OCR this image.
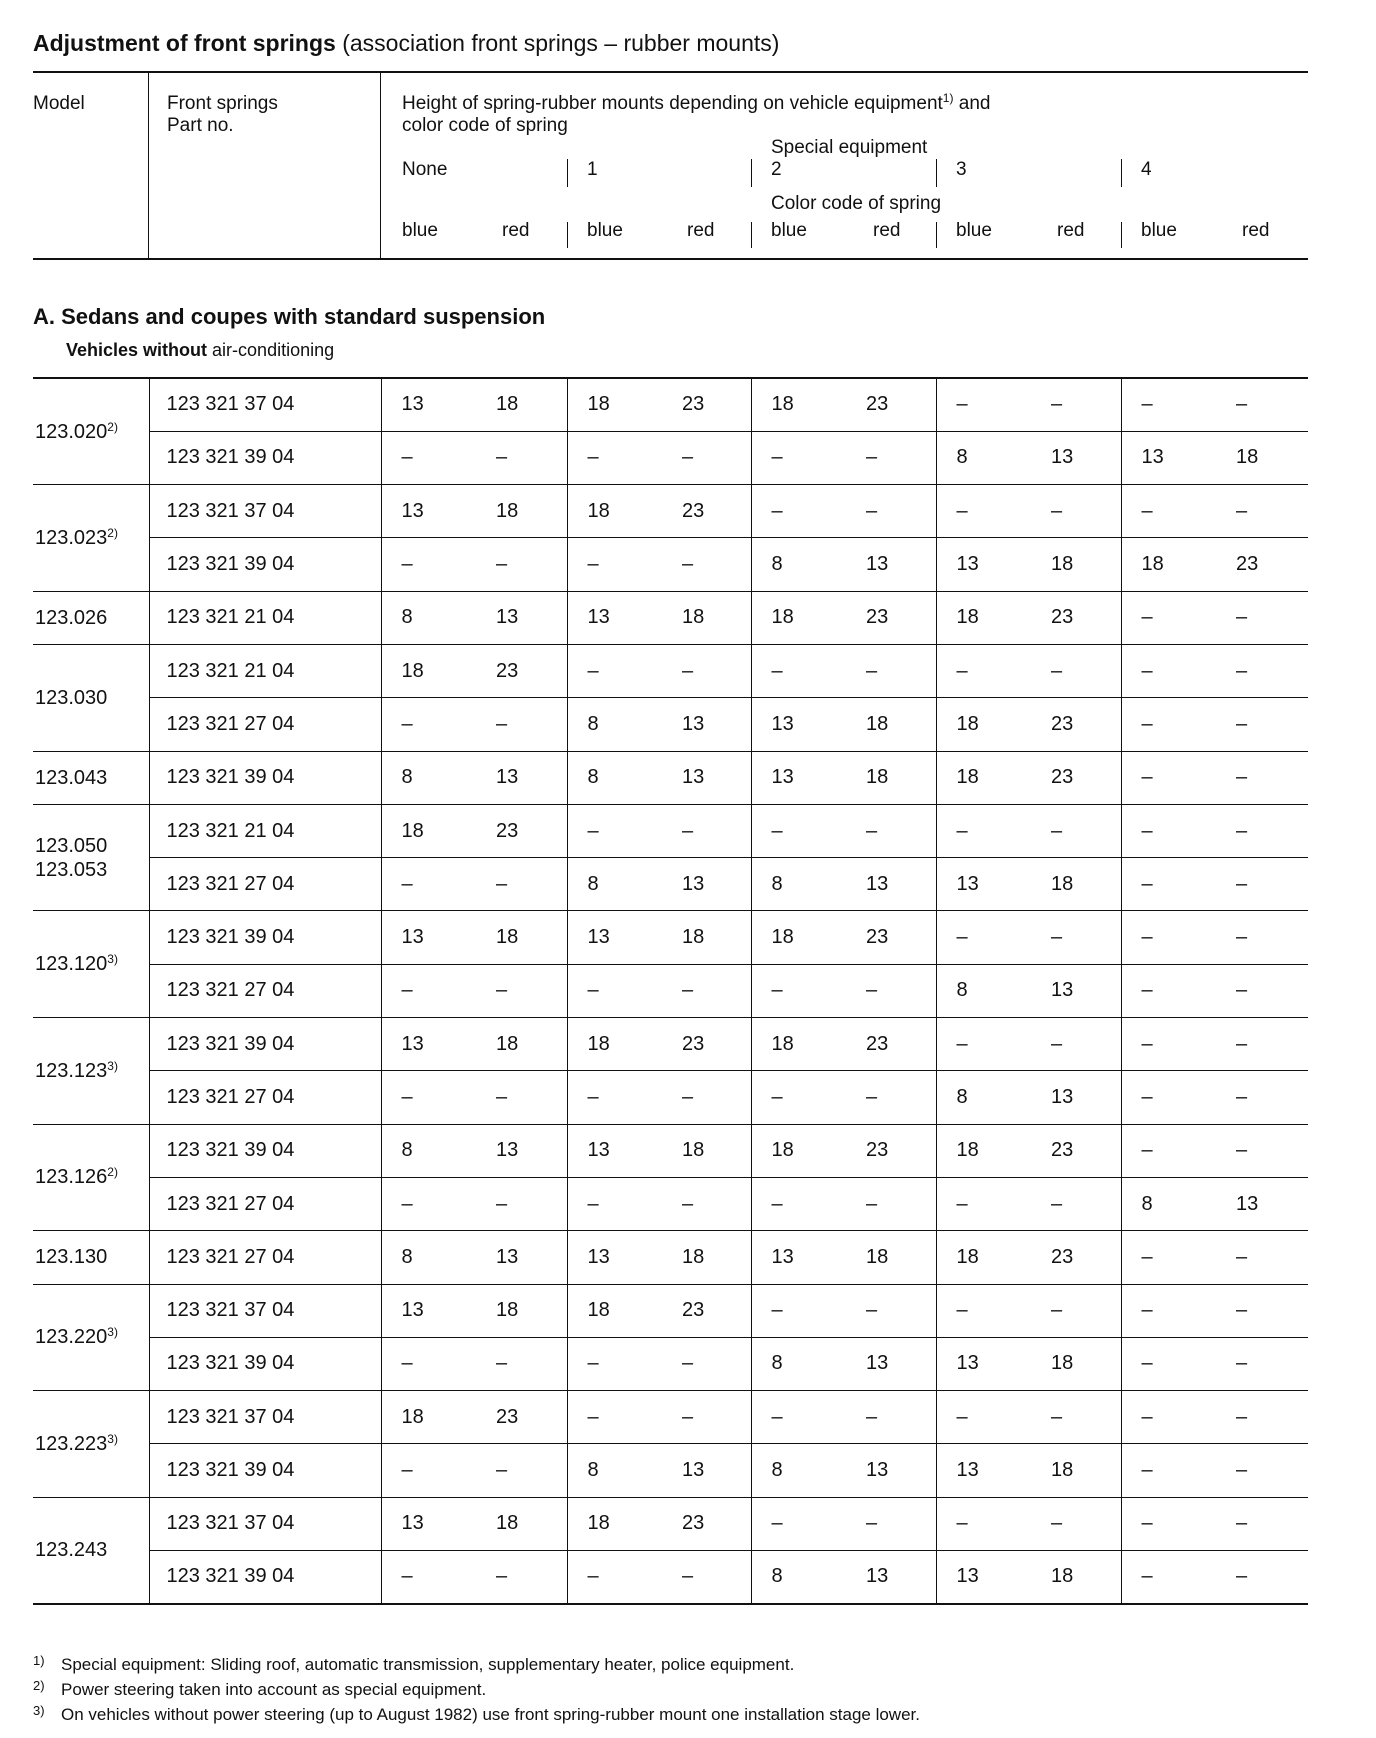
Adjustment of front springs (association front springs – rubber mounts)
Model	Front springs
Part no.
Height of spring-rubber mounts depending on vehicle equipment$^{1)}$ and
color code of spring
Special equipment
None	1	2	3	4
Color code of spring
blue	red	blue	red	blue	red	blue	red	blue	red
A. Sedans and coupes with standard suspension
Vehicles without air-conditioning
123.020$^{2)}$	123 321 37 04	13	18	18	23	18	23	–	–	–	–
	123 321 39 04	–	–	–	–	–	–	8	13	13	18
123.023$^{2)}$	123 321 37 04	13	18	18	23	–	–	–	–	–	–
	123 321 39 04	–	–	–	–	8	13	13	18	18	23
123.026	123 321 21 04	8	13	13	18	18	23	18	23	–	–
123.030	123 321 21 04	18	23	–	–	–	–	–	–	–	–
	123 321 27 04	–	–	8	13	13	18	18	23	–	–
123.043	123 321 39 04	8	13	8	13	13	18	18	23	–	–
123.050
123.053	123 321 21 04	18	23	–	–	–	–	–	–	–	–
	123 321 27 04	–	–	8	13	8	13	13	18	–	–
123.120$^{3)}$	123 321 39 04	13	18	13	18	18	23	–	–	–	–
	123 321 27 04	–	–	–	–	–	–	8	13	–	–
123.123$^{3)}$	123 321 39 04	13	18	18	23	18	23	–	–	–	–
	123 321 27 04	–	–	–	–	–	–	8	13	–	–
123.126$^{2)}$	123 321 39 04	8	13	13	18	18	23	18	23	–	–
	123 321 27 04	–	–	–	–	–	–	–	–	8	13
123.130	123 321 27 04	8	13	13	18	13	18	18	23	–	–
123.220$^{3)}$	123 321 37 04	13	18	18	23	–	–	–	–	–	–
	123 321 39 04	–	–	–	–	8	13	13	18	–	–
123.223$^{3)}$	123 321 37 04	18	23	–	–	–	–	–	–	–	–
	123 321 39 04	–	–	8	13	8	13	13	18	–	–
123.243	123 321 37 04	13	18	18	23	–	–	–	–	–	–
	123 321 39 04	–	–	–	–	8	13	13	18	–	–
1) Special equipment: Sliding roof, automatic transmission, supplementary heater, police equipment.
2) Power steering taken into account as special equipment.
3) On vehicles without power steering (up to August 1982) use front spring-rubber mount one installation stage lower.
